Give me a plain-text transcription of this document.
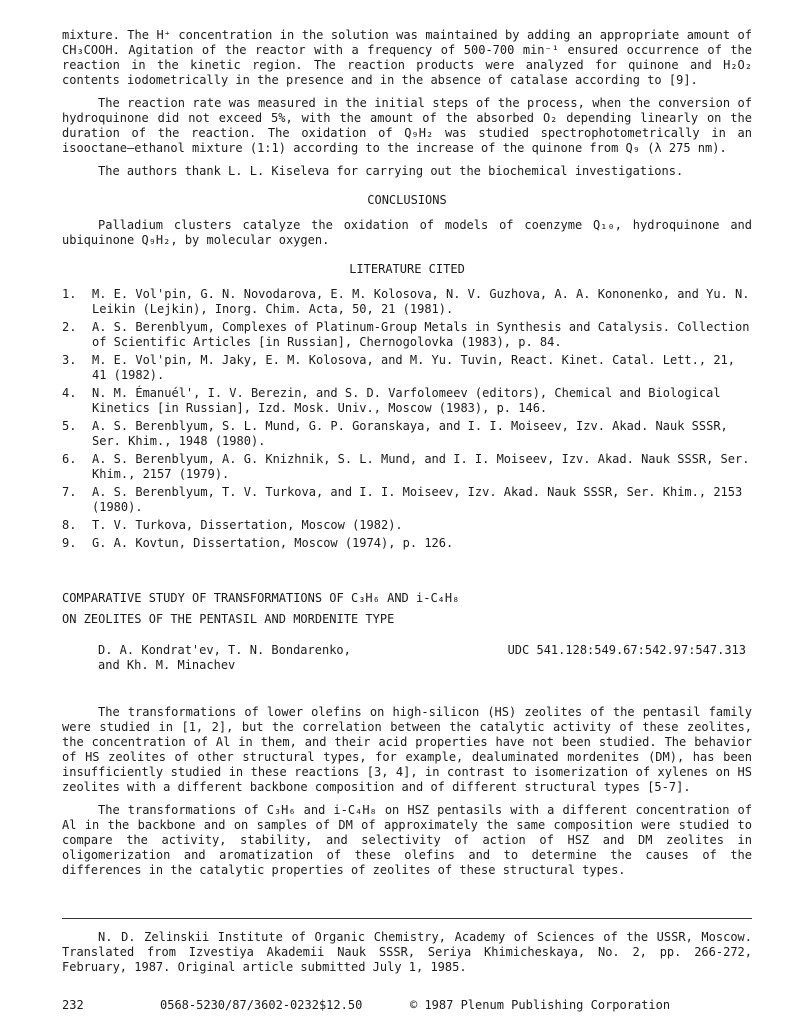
mixture. The H⁺ concentration in the solution was maintained by adding an appropriate amount of CH₃COOH. Agitation of the reactor with a frequency of 500-700 min⁻¹ ensured occurrence of the reaction in the kinetic region. The reaction products were analyzed for quinone and H₂O₂ contents iodometrically in the presence and in the absence of catalase according to [9].

The reaction rate was measured in the initial steps of the process, when the conversion of hydroquinone did not exceed 5%, with the amount of the absorbed O₂ depending linearly on the duration of the reaction. The oxidation of Q₉H₂ was studied spectrophotometrically in an isooctane–ethanol mixture (1:1) according to the increase of the quinone from Q₉ (λ 275 nm).

The authors thank L. L. Kiseleva for carrying out the biochemical investigations.

CONCLUSIONS

Palladium clusters catalyze the oxidation of models of coenzyme Q₁₀, hydroquinone and ubiquinone Q₉H₂, by molecular oxygen.

LITERATURE CITED
1. M. E. Vol'pin, G. N. Novodarova, E. M. Kolosova, N. V. Guzhova, A. A. Kononenko, and Yu. N. Leikin (Lejkin), Inorg. Chim. Acta, 50, 21 (1981).
2. A. S. Berenblyum, Complexes of Platinum-Group Metals in Synthesis and Catalysis. Collection of Scientific Articles [in Russian], Chernogolovka (1983), p. 84.
3. M. E. Vol'pin, M. Jaky, E. M. Kolosova, and M. Yu. Tuvin, React. Kinet. Catal. Lett., 21, 41 (1982).
4. N. M. Émanuél', I. V. Berezin, and S. D. Varfolomeev (editors), Chemical and Biological Kinetics [in Russian], Izd. Mosk. Univ., Moscow (1983), p. 146.
5. A. S. Berenblyum, S. L. Mund, G. P. Goranskaya, and I. I. Moiseev, Izv. Akad. Nauk SSSR, Ser. Khim., 1948 (1980).
6. A. S. Berenblyum, A. G. Knizhnik, S. L. Mund, and I. I. Moiseev, Izv. Akad. Nauk SSSR, Ser. Khim., 2157 (1979).
7. A. S. Berenblyum, T. V. Turkova, and I. I. Moiseev, Izv. Akad. Nauk SSSR, Ser. Khim., 2153 (1980).
8. T. V. Turkova, Dissertation, Moscow (1982).
9. G. A. Kovtun, Dissertation, Moscow (1974), p. 126.
COMPARATIVE STUDY OF TRANSFORMATIONS OF C₃H₆ AND i-C₄H₈
ON ZEOLITES OF THE PENTASIL AND MORDENITE TYPE
D. A. Kondrat'ev, T. N. Bondarenko,
and Kh. M. Minachev
UDC 541.128:549.67:542.97:547.313

The transformations of lower olefins on high-silicon (HS) zeolites of the pentasil family were studied in [1, 2], but the correlation between the catalytic activity of these zeolites, the concentration of Al in them, and their acid properties have not been studied. The behavior of HS zeolites of other structural types, for example, dealuminated mordenites (DM), has been insufficiently studied in these reactions [3, 4], in contrast to isomerization of xylenes on HS zeolites with a different backbone composition and of different structural types [5-7].

The transformations of C₃H₆ and i-C₄H₈ on HSZ pentasils with a different concentration of Al in the backbone and on samples of DM of approximately the same composition were studied to compare the activity, stability, and selectivity of action of HSZ and DM zeolites in oligomerization and aromatization of these olefins and to determine the causes of the differences in the catalytic properties of zeolites of these structural types.

N. D. Zelinskii Institute of Organic Chemistry, Academy of Sciences of the USSR, Moscow. Translated from Izvestiya Akademii Nauk SSSR, Seriya Khimicheskaya, No. 2, pp. 266-272, February, 1987. Original article submitted July 1, 1985.

232	0568-5230/87/3602-0232$12.50	© 1987 Plenum Publishing Corporation
